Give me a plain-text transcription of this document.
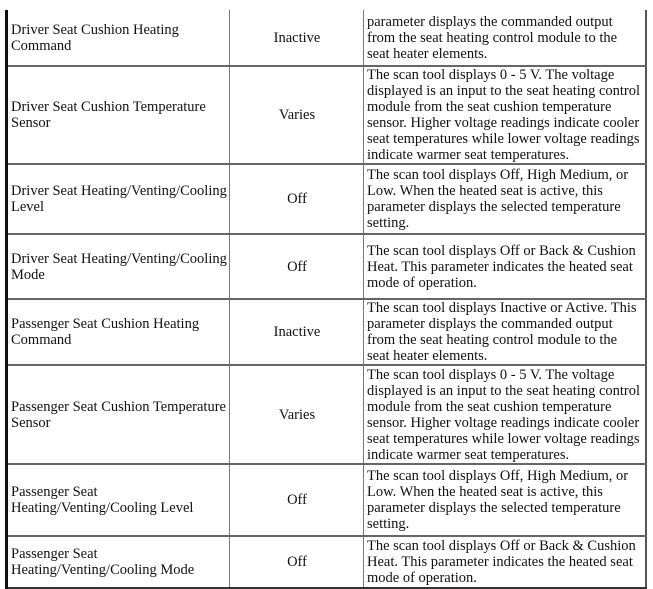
Driver Seat Cushion Heating Command	Inactive	parameter displays the commanded output from the seat heating control module to the seat heater elements.
Driver Seat Cushion Temperature Sensor	Varies	The scan tool displays 0 - 5 V. The voltage displayed is an input to the seat heating control module from the seat cushion temperature sensor. Higher voltage readings indicate cooler seat temperatures while lower voltage readings indicate warmer seat temperatures.
Driver Seat Heating/Venting/Cooling Level	Off	The scan tool displays Off, High Medium, or Low. When the heated seat is active, this parameter displays the selected temperature setting.
Driver Seat Heating/Venting/Cooling Mode	Off	The scan tool displays Off or Back & Cushion Heat. This parameter indicates the heated seat mode of operation.
Passenger Seat Cushion Heating Command	Inactive	The scan tool displays Inactive or Active. This parameter displays the commanded output from the seat heating control module to the seat heater elements.
Passenger Seat Cushion Temperature Sensor	Varies	The scan tool displays 0 - 5 V. The voltage displayed is an input to the seat heating control module from the seat cushion temperature sensor. Higher voltage readings indicate cooler seat temperatures while lower voltage readings indicate warmer seat temperatures.
Passenger Seat Heating/Venting/Cooling Level	Off	The scan tool displays Off, High Medium, or Low. When the heated seat is active, this parameter displays the selected temperature setting.
Passenger Seat Heating/Venting/Cooling Mode	Off	The scan tool displays Off or Back & Cushion Heat. This parameter indicates the heated seat mode of operation.
